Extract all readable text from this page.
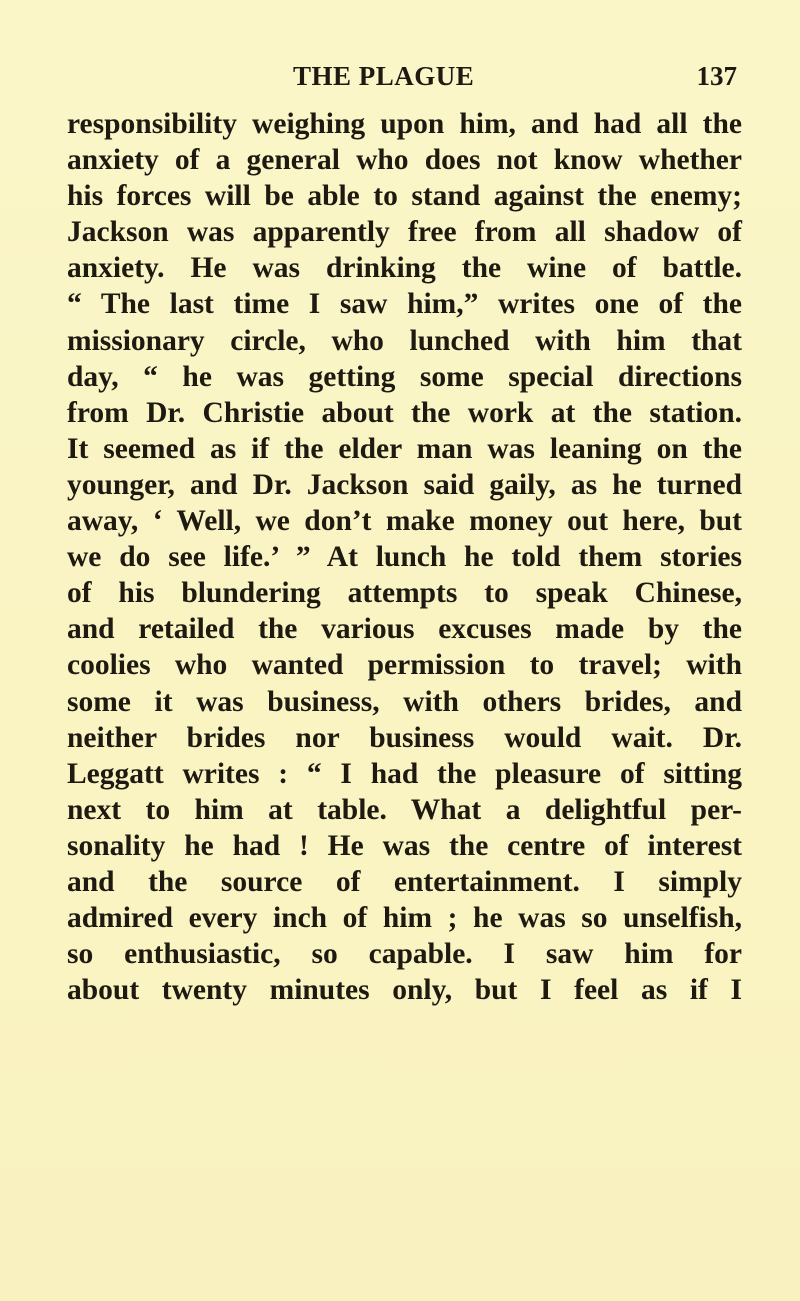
THE PLAGUE	137
responsibility weighing upon him, and had all the
anxiety of a general who does not know whether
his forces will be able to stand against the enemy;
Jackson was apparently free from all shadow of
anxiety. He was drinking the wine of battle.
“ The last time I saw him,” writes one of the
missionary circle, who lunched with him that
day, “ he was getting some special directions
from Dr. Christie about the work at the station.
It seemed as if the elder man was leaning on the
younger, and Dr. Jackson said gaily, as he turned
away, ‘ Well, we don’t make money out here, but
we do see life.’ ” At lunch he told them stories
of his blundering attempts to speak Chinese,
and retailed the various excuses made by the
coolies who wanted permission to travel; with
some it was business, with others brides, and
neither brides nor business would wait. Dr.
Leggatt writes : “ I had the pleasure of sitting
next to him at table. What a delightful per-
sonality he had ! He was the centre of interest
and the source of entertainment. I simply
admired every inch of him ; he was so unselfish,
so enthusiastic, so capable. I saw him for
about twenty minutes only, but I feel as if I
